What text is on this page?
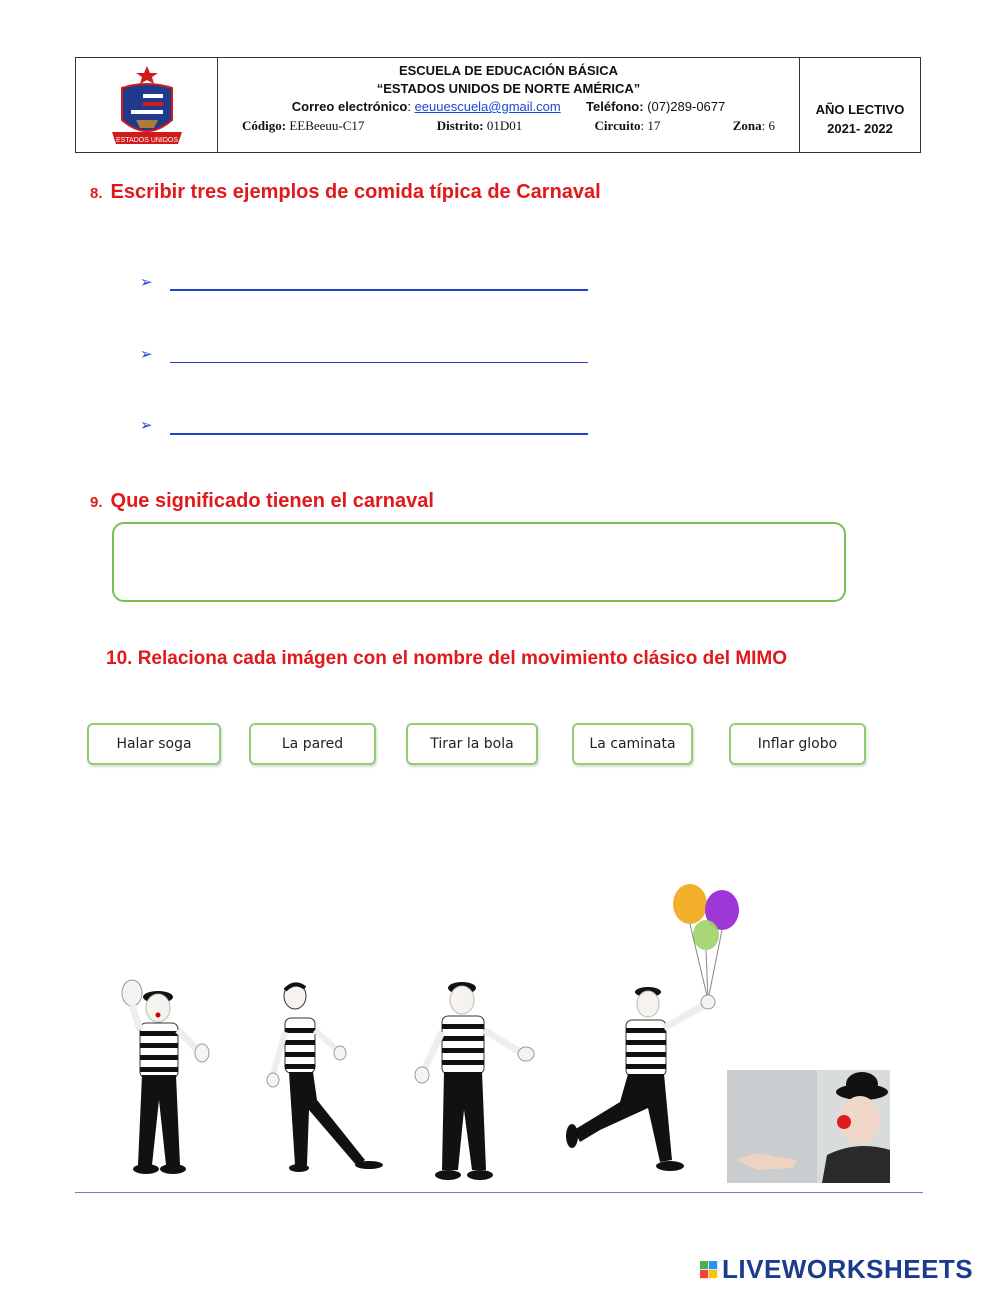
ESTADOS UNIDOS
ESCUELA DE EDUCACIÓN BÁSICA
“ESTADOS UNIDOS DE NORTE AMÉRICA”
Correo electrónico: eeuuescuela@gmail.com Teléfono: (07)289-0677
Código: EEBeeuu-C17	Distrito: 01D01	Circuito: 17	Zona: 6
AÑO LECTIVO
2021- 2022
8. Escribir tres ejemplos de comida típica de Carnaval
➢
➢
➢
9. Que significado tienen el carnaval
10. Relaciona cada imágen con el nombre del movimiento clásico del MIMO
Halar soga	La pared	Tirar la bola	La caminata	Inflar globo
LIVEWORKSHEETS
